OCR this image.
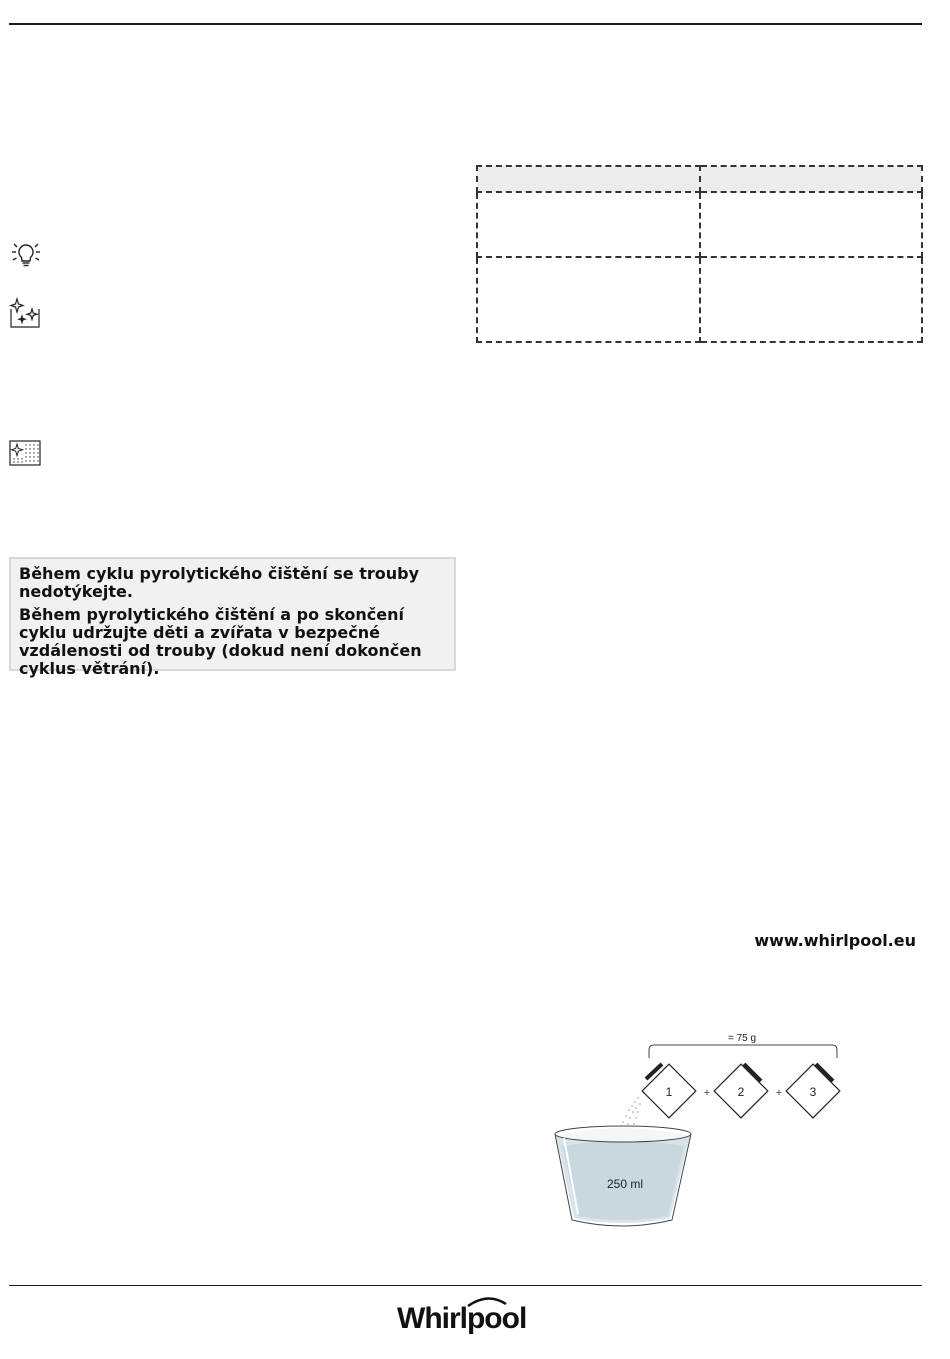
Během cyklu pyrolytického čištění se trouby nedotýkejte.

Během pyrolytického čištění a po skončení cyklu udržujte děti a zvířata v bezpečné vzdálenosti od trouby (dokud není dokončen cyklus větrání).

www.whirlpool.eu
= 75 g
1	+ 2	+ 3
250 ml
Whirlpool
